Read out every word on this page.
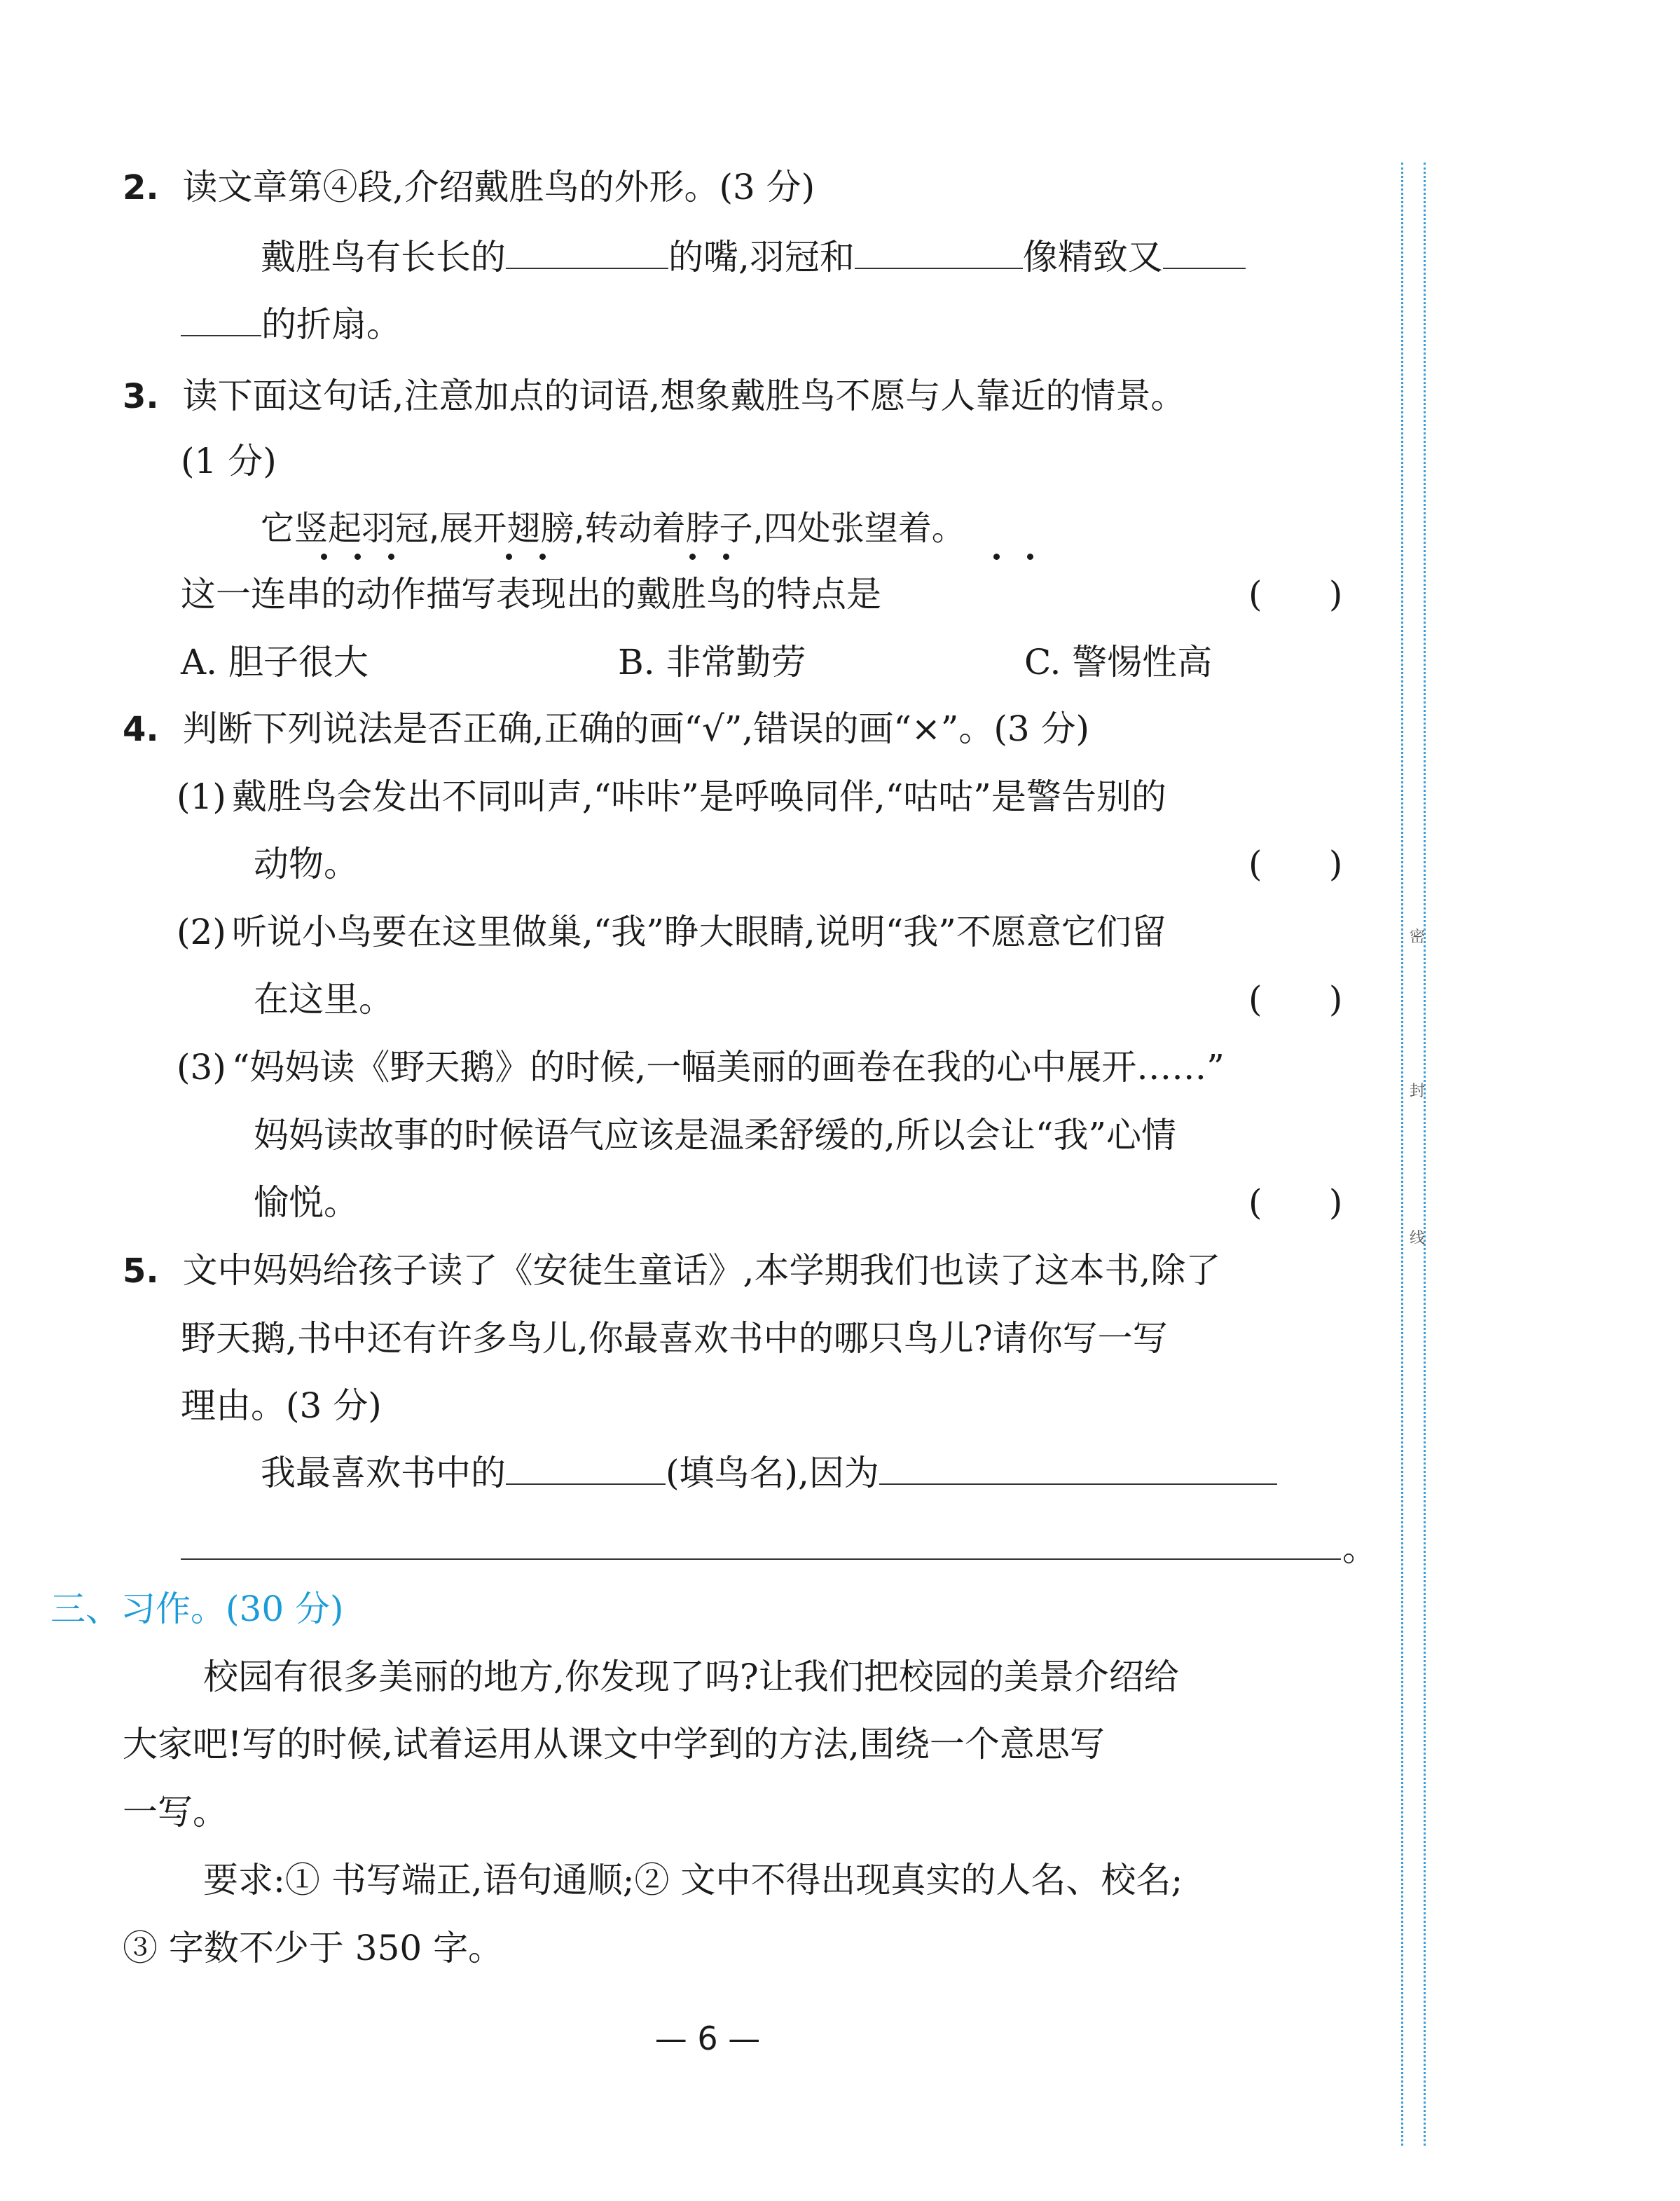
2. 读文章第④段,介绍戴胜鸟的外形。(3 分)
戴胜鸟有长长的	的嘴,羽冠和	像精致又
的折扇。
3. 读下面这句话,注意加点的词语,想象戴胜鸟不愿与人靠近的情景。
(1 分)
它竖起羽冠,展开翅膀,转动着脖子,四处张望着。
这一连串的动作描写表现出的戴胜鸟的特点是	(      )
A. 胆子很大	B. 非常勤劳	C. 警惕性高
4. 判断下列说法是否正确,正确的画“√”,错误的画“×”。(3 分)
(1) 戴胜鸟会发出不同叫声,“咔咔”是呼唤同伴,“咕咕”是警告别的
动物。	(      )
(2) 听说小鸟要在这里做巢,“我”睁大眼睛,说明“我”不愿意它们留
在这里。	(      )
(3) “妈妈读《野天鹅》的时候,一幅美丽的画卷在我的心中展开……”
妈妈读故事的时候语气应该是温柔舒缓的,所以会让“我”心情
愉悦。	(      )
5. 文中妈妈给孩子读了《安徒生童话》,本学期我们也读了这本书,除了
野天鹅,书中还有许多鸟儿,你最喜欢书中的哪只鸟儿?请你写一写
理由。(3 分)
我最喜欢书中的	(填鸟名),因为
。
三、习作。(30 分)
校园有很多美丽的地方,你发现了吗?让我们把校园的美景介绍给
大家吧!写的时候,试着运用从课文中学到的方法,围绕一个意思写
一写。
要求:① 书写端正,语句通顺;② 文中不得出现真实的人名、校名;
③ 字数不少于 350 字。
密
封
线
— 6 —
